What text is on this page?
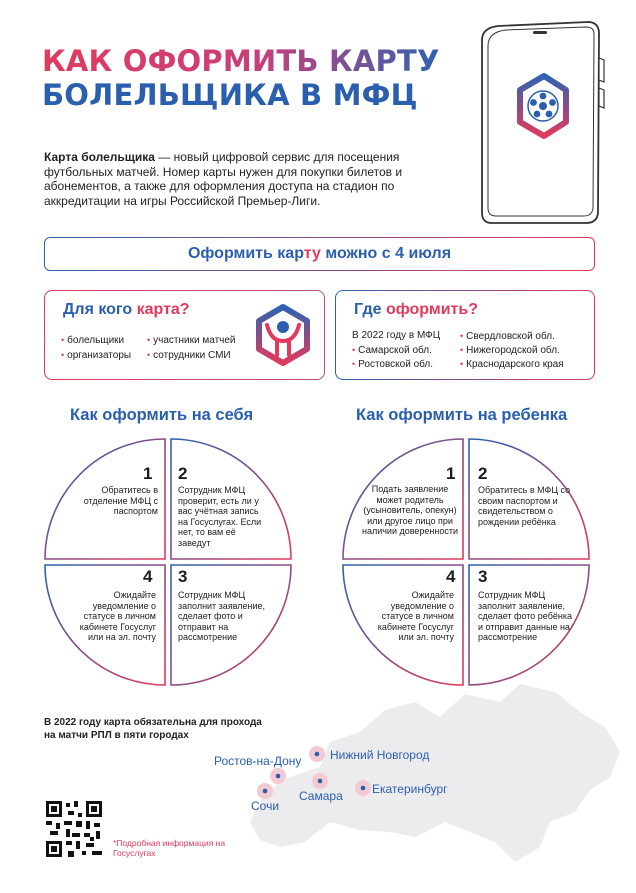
КАК ОФОРМИТЬ КАРТУ
БОЛЕЛЬЩИКА В МФЦ

Карта болельщика — новый цифровой сервис для посещения футбольных матчей. Номер карты нужен для покупки билетов и абонементов, а также для оформления доступа на стадион по аккредитации на игры Российской Премьер-Лиги.

Оформить карту можно с 4 июля
Для кого карта?
• болельщики	• участники матчей
• организаторы • сотрудники СМИ
Где оформить?
В 2022 году в МФЦ • Свердловской обл.
• Самарской обл.	• Нижегородской обл.
• Ростовской обл.	• Краснодарского края
Как оформить на себя	Как оформить на ребенка
1
Обратитесь в отделение МФЦ с паспортом
2
Сотрудник МФЦ проверит, есть ли у вас учётная запись на Госуслугах. Если нет, то вам её заведут
4
Ожидайте уведомление о статусе в личном кабинете Госуслуг или на эл. почту
3
Сотрудник МФЦ заполнит заявление, сделает фото и отправит на рассмотрение
1
Подать заявление может родитель (усыновитель, опекун) или другое лицо при наличии доверенности
2
Обратитесь в МФЦ со своим паспортом и свидетельством о рождении ребёнка
4
Ожидайте уведомление о статусе в личном кабинете Госуслуг или эл. почту
3
Сотрудник МФЦ заполнит заявление, сделает фото ребёнка и отправит данные на рассмотрение

В 2022 году карта обязательна для прохода на матчи РПЛ в пяти городах

Ростов-на-Дону Нижний Новгород
Самара Екатеринбург
Сочи
*Подробная информация на Госуслугах
